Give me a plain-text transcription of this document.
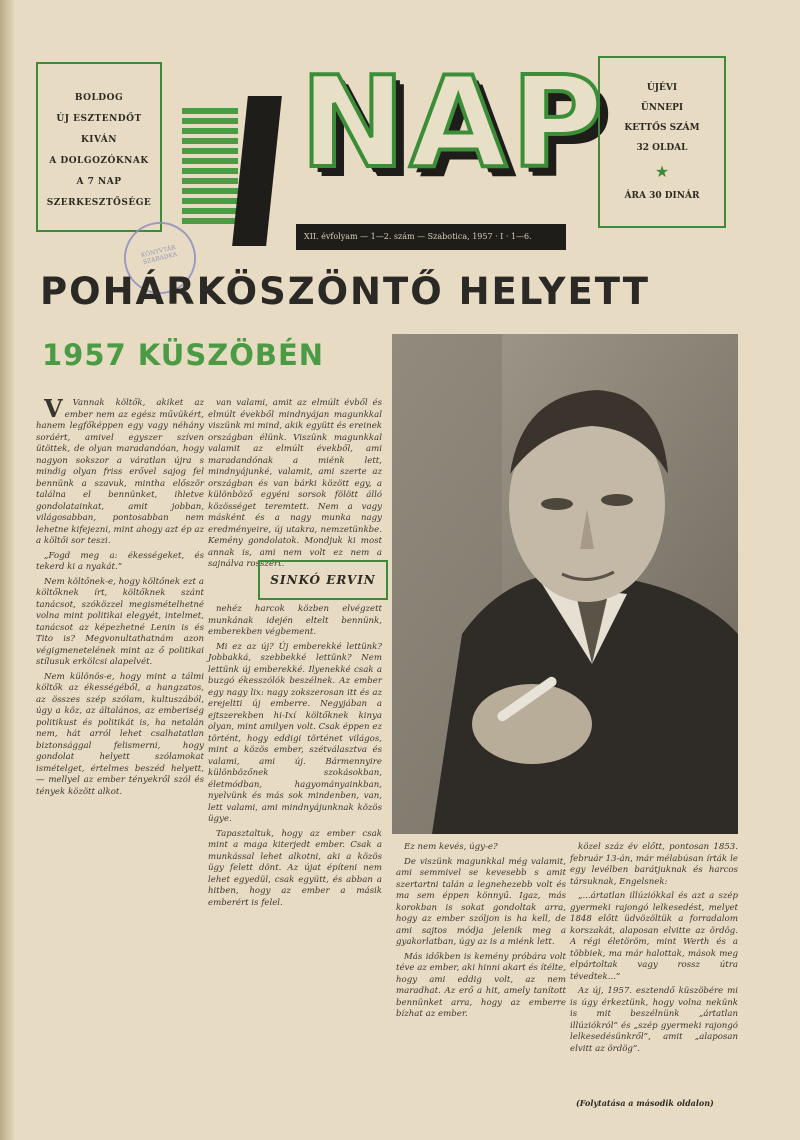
BOLDOG
ÚJ ESZTENDŐT
KIVÁN
A DOLGOZÓKNAK
A 7 NAP
SZERKESZTŐSÉGE
NAP
XII. évfolyam — 1—2. szám — Szabotica, 1957 · I · 1—6.
KÖNYVTÁR SZABADKA
ÚJÉVI
ÜNNEPI
KETTŐS SZÁM
32 OLDAL
★
ÁRA 30 DINÁR
POHÁRKÖSZÖNTŐ HELYETT
1957 KÜSZÖBÉN

V Vannak költők, akiket az ember nem az egész művükért, hanem legfőképpen egy vagy néhány soráért, amivel egyszer szíven ütöttek, de olyan maradandóan, hogy nagyon sokszor a váratlan újra s mindig olyan friss erővel sajog fel bennünk a szavuk, mintha először találna el bennünket, ihletve gondolatainkat, amit jobban, világosabban, pontosabban nem lehetne kifejezni, mint ahogy azt ép az a költői sor teszi.

„Fogd meg a: ékességeket, és tekerd ki a nyakát.”

Nem költőnek-e, hogy költőnek ezt a költőknek írt, költőknek szánt tanácsot, szóközzel megismételhetné volna mint politikai elegyét, intelmet, tanácsot az képezhetné Lenin is és Tito is? Megvonultathatnám azon végigmenetelének mint az ő politikai stílusuk erkölcsi alapelvét.

Nem különös-e, hogy mint a tálmi költők az ékességéből, a hangzatos, az összes szép szólam, kultuszából, úgy a köz, az általános, az emberiség politikust és politikát is, ha netalán nem, hát arról lehet csalhatatlan biztonsággal felismerni, hogy gondolat helyett szólamokat ismételget, értelmes beszéd helyett, — mellyel az ember tényekről szól és tények között alkot.

van valami, amit az elmúlt évből és elmúlt évekből mindnyájan magunkkal viszünk mi mind, akik együtt és ereinek országban élünk. Viszünk magunkkal valamit az elmúlt évekből, ami maradandónak a miénk lett, mindnyájunké, valamit, ami szerte az országban és van bárki között egy, a különböző egyéni sorsok fölött álló közösséget teremtett. Nem a vagy másként és a nagy munka nagy eredményeire, új utakra, nemzetünkbe. Kemény gondolatok. Mondjuk ki most annak is, ami nem volt ez nem a sajnálva rosszért.

SINKÓ ERVIN

nehéz harcok közben elvégzett munkának idején eltelt bennünk, emberekben végbement.

Mi ez az új? Új emberekké lettünk? Jobbakká, szebbekké lettünk? Nem lettünk új emberekké. Ilyenekké csak a buzgó ékesszólók beszélnek. Az ember egy nagy lix: nagy zokszerosan itt és az erejeltti új emberre. Negyjában a ejtszerekben hi-Ixí költőknek kinya olyan, mint amilyen volt. Csak éppen ez történt, hogy eddigi történet világos, mint a közös ember, szétválasztva és valami, ami új. Bármennyire különbözőnek szokásokban, életmódban, hagyományainkban, nyelvünk és más sok mindenben, van, lett valami, ami mindnyájunknak közös ügye.

Tapasztaltuk, hogy az ember csak mint a maga kiterjedt ember. Csak a munkással lehet alkotni, aki a közös ügy felett dönt. Az újat építeni nem lehet egyedül, csak együtt, és abban a hitben, hogy az ember a másik emberért is felel.

Ez nem kevés, úgy-e?

De viszünk magunkkal még valamit, ami semmivel se kevesebb s amit szertartni talán a legnehezebb volt és ma sem éppen könnyű. Igaz, más korokban is sokat gondoltak arra, hogy az ember szóljon is ha kell, de ami sajtos módja jelenik meg a gyakorlatban, úgy az is a miénk lett.

Más időkben is kemény próbára volt téve az ember, aki hinni akart és ítélte, hogy ami eddig volt, az nem maradhat. Az erő a hit, amely tanított bennünket arra, hogy az emberre bízhat az ember.

közel száz év előtt, pontosan 1853. február 13-án, már mélabúsan írták le egy levélben barátjuknak és harcos társuknak, Engelsnek:

„...ártatlan illúziókkal és azt a szép gyermeki rajongó lelkesedést, melyet 1848 előtt üdvözöltük a forradalom korszakát, alaposan elvitte az ördög. A régi életöröm, mint Werth és a többiek, ma már halottak, mások meg elpártoltak vagy rossz útra tévedtek...”

Az új, 1957. esztendő küszöbére mi is úgy érkeztünk, hogy volna nekünk is mit beszélnünk „ártatlan illúziókról” és „szép gyermeki rajongó lelkesedésünkről”, amit „alaposan elvitt az ördög”.

(Folytatása a második oldalon)
